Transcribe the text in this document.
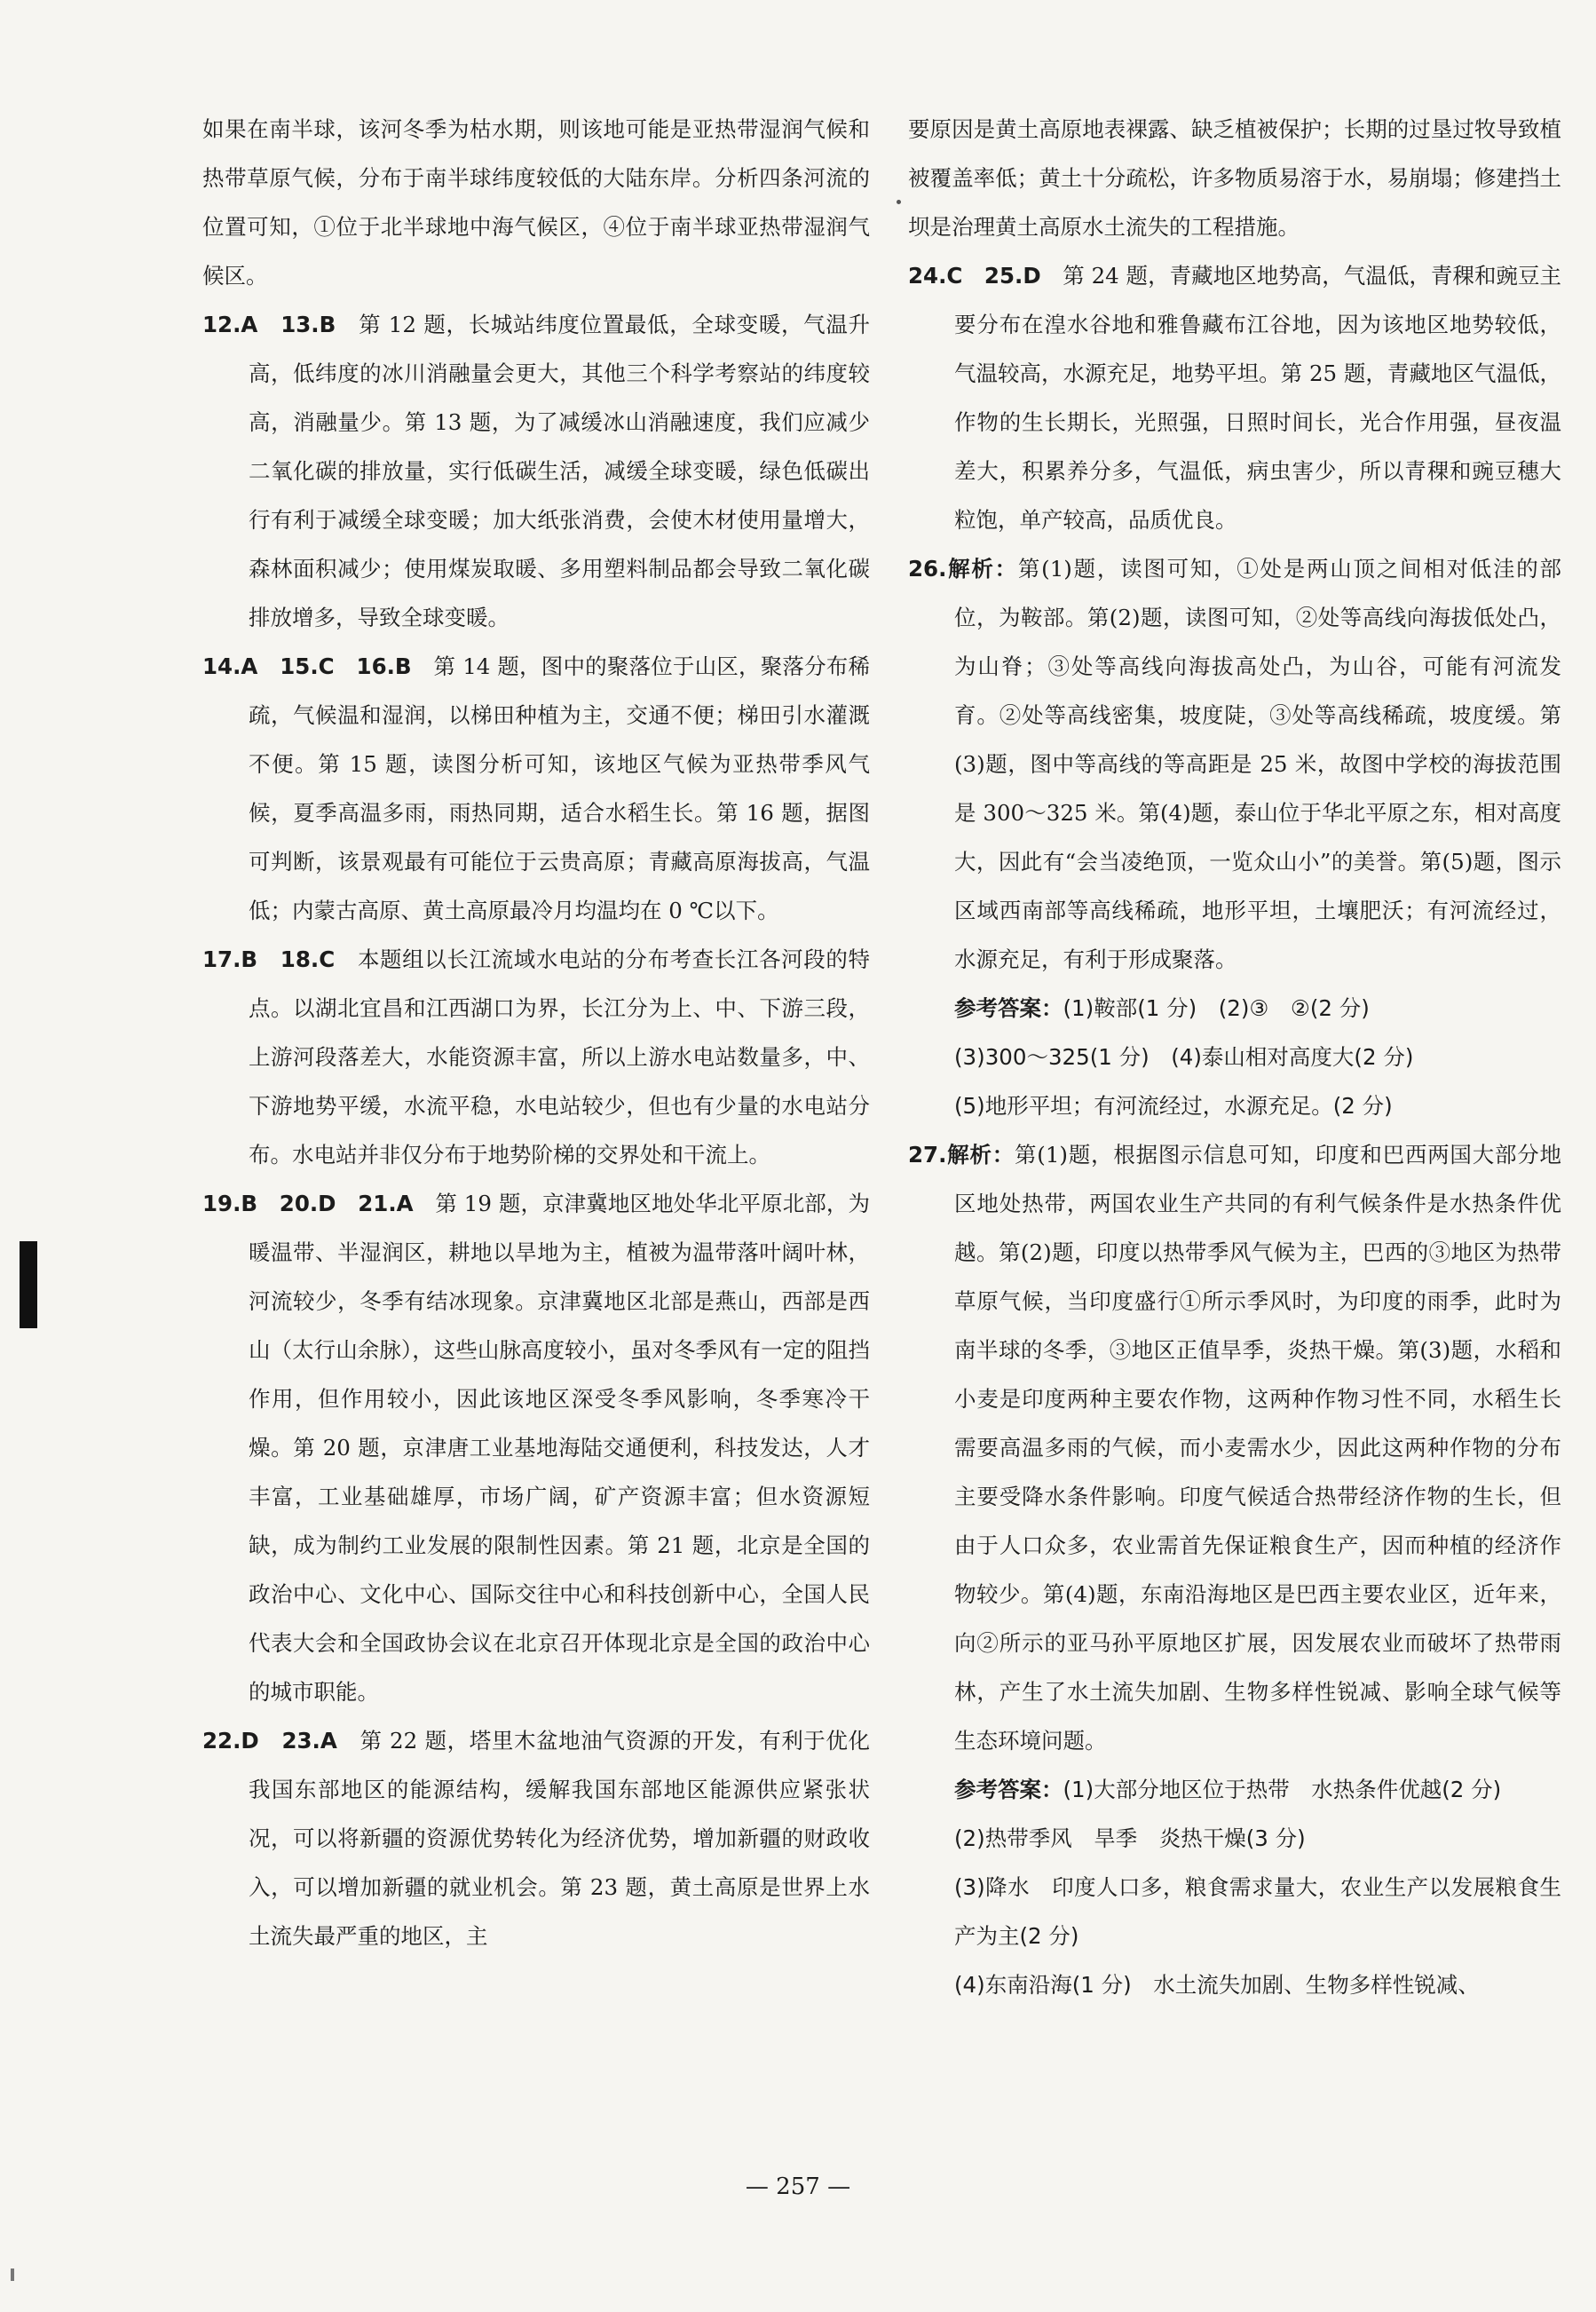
如果在南半球，该河冬季为枯水期，则该地可能是亚热带湿润气候和热带草原气候，分布于南半球纬度较低的大陆东岸。分析四条河流的位置可知，①位于北半球地中海气候区，④位于南半球亚热带湿润气候区。

12.A　13.B　 第 12 题，长城站纬度位置最低，全球变暖，气温升高，低纬度的冰川消融量会更大，其他三个科学考察站的纬度较高，消融量少。第 13 题，为了减缓冰山消融速度，我们应减少二氧化碳的排放量，实行低碳生活，减缓全球变暖，绿色低碳出行有利于减缓全球变暖；加大纸张消费，会使木材使用量增大，森林面积减少；使用煤炭取暖、多用塑料制品都会导致二氧化碳排放增多，导致全球变暖。

14.A　15.C　16.B　 第 14 题，图中的聚落位于山区，聚落分布稀疏，气候温和湿润，以梯田种植为主，交通不便；梯田引水灌溉不便。第 15 题，读图分析可知，该地区气候为亚热带季风气候，夏季高温多雨，雨热同期，适合水稻生长。第 16 题，据图可判断，该景观最有可能位于云贵高原；青藏高原海拔高，气温低；内蒙古高原、黄土高原最冷月均温均在 0 ℃以下。

17.B　18.C　 本题组以长江流域水电站的分布考查长江各河段的特点。以湖北宜昌和江西湖口为界，长江分为上、中、下游三段，上游河段落差大，水能资源丰富，所以上游水电站数量多，中、下游地势平缓，水流平稳，水电站较少，但也有少量的水电站分布。水电站并非仅分布于地势阶梯的交界处和干流上。

19.B　20.D　21.A　 第 19 题，京津冀地区地处华北平原北部，为暖温带、半湿润区，耕地以旱地为主，植被为温带落叶阔叶林，河流较少，冬季有结冰现象。京津冀地区北部是燕山，西部是西山（太行山余脉），这些山脉高度较小，虽对冬季风有一定的阻挡作用，但作用较小，因此该地区深受冬季风影响，冬季寒冷干燥。第 20 题，京津唐工业基地海陆交通便利，科技发达，人才丰富，工业基础雄厚，市场广阔，矿产资源丰富；但水资源短缺，成为制约工业发展的限制性因素。第 21 题，北京是全国的政治中心、文化中心、国际交往中心和科技创新中心，全国人民代表大会和全国政协会议在北京召开体现北京是全国的政治中心的城市职能。

22.D　23.A　 第 22 题，塔里木盆地油气资源的开发，有利于优化我国东部地区的能源结构，缓解我国东部地区能源供应紧张状况，可以将新疆的资源优势转化为经济优势，增加新疆的财政收入，可以增加新疆的就业机会。第 23 题，黄土高原是世界上水土流失最严重的地区，主

要原因是黄土高原地表裸露、缺乏植被保护；长期的过垦过牧导致植被覆盖率低；黄土十分疏松，许多物质易溶于水，易崩塌；修建挡土坝是治理黄土高原水土流失的工程措施。

24.C　25.D　 第 24 题，青藏地区地势高，气温低，青稞和豌豆主要分布在湟水谷地和雅鲁藏布江谷地，因为该地区地势较低，气温较高，水源充足，地势平坦。第 25 题，青藏地区气温低，作物的生长期长，光照强，日照时间长，光合作用强，昼夜温差大，积累养分多，气温低，病虫害少，所以青稞和豌豆穗大粒饱，单产较高，品质优良。

26.解析：第(1)题，读图可知，①处是两山顶之间相对低洼的部位，为鞍部。第(2)题，读图可知，②处等高线向海拔低处凸，为山脊；③处等高线向海拔高处凸，为山谷，可能有河流发育。②处等高线密集，坡度陡，③处等高线稀疏，坡度缓。第(3)题，图中等高线的等高距是 25 米，故图中学校的海拔范围是 300～325 米。第(4)题，泰山位于华北平原之东，相对高度大，因此有“会当凌绝顶，一览众山小”的美誉。第(5)题，图示区域西南部等高线稀疏，地形平坦，土壤肥沃；有河流经过，水源充足，有利于形成聚落。

参考答案：(1)鞍部(1 分)　(2)③　②(2 分)

(3)300～325(1 分)　(4)泰山相对高度大(2 分)

(5)地形平坦；有河流经过，水源充足。(2 分)

27.解析：第(1)题，根据图示信息可知，印度和巴西两国大部分地区地处热带，两国农业生产共同的有利气候条件是水热条件优越。第(2)题，印度以热带季风气候为主，巴西的③地区为热带草原气候，当印度盛行①所示季风时，为印度的雨季，此时为南半球的冬季，③地区正值旱季，炎热干燥。第(3)题，水稻和小麦是印度两种主要农作物，这两种作物习性不同，水稻生长需要高温多雨的气候，而小麦需水少，因此这两种作物的分布主要受降水条件影响。印度气候适合热带经济作物的生长，但由于人口众多，农业需首先保证粮食生产，因而种植的经济作物较少。第(4)题，东南沿海地区是巴西主要农业区，近年来，向②所示的亚马孙平原地区扩展，因发展农业而破坏了热带雨林，产生了水土流失加剧、生物多样性锐减、影响全球气候等生态环境问题。

参考答案：(1)大部分地区位于热带　水热条件优越(2 分)

(2)热带季风　旱季　炎热干燥(3 分)

(3)降水　印度人口多，粮食需求量大，农业生产以发展粮食生产为主(2 分)

(4)东南沿海(1 分)　水土流失加剧、生物多样性锐减、

— 257 —
